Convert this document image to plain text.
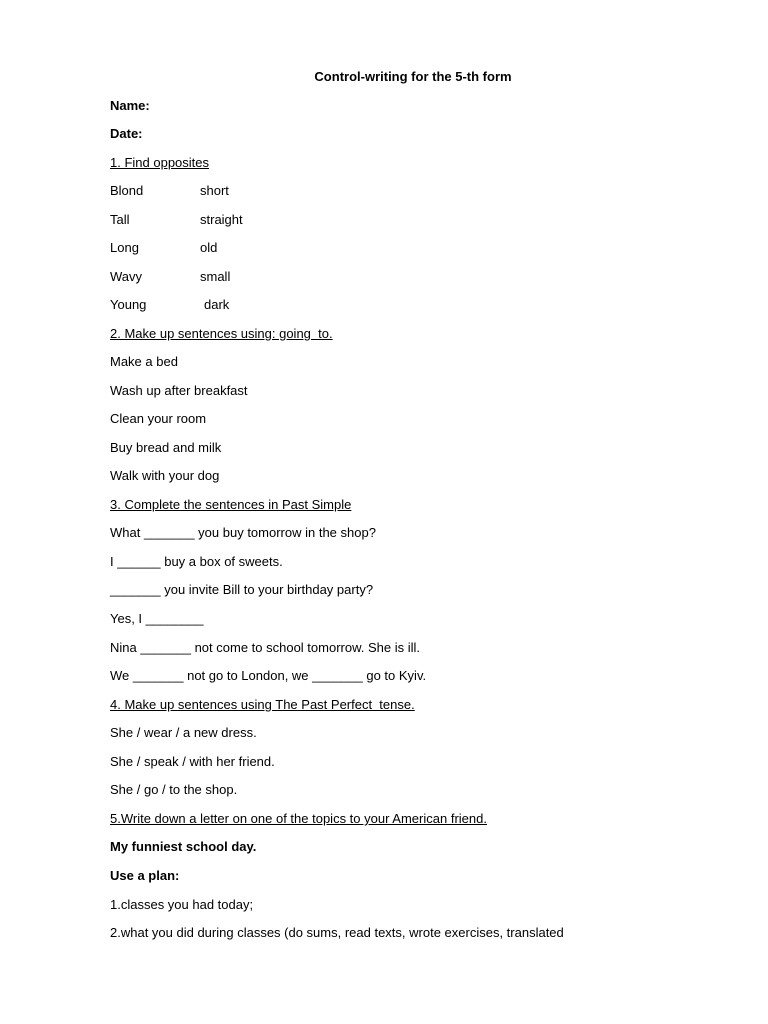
Control-writing for the 5-th form
Name:
Date:
1. Find opposites
Blond	short
Tall	straight
Long	old
Wavy	small
Young	dark
2. Make up sentences using: going  to.
Make a bed
Wash up after breakfast
Clean your room
Buy bread and milk
Walk with your dog
3. Complete the sentences in Past Simple
What _______ you buy tomorrow in the shop?
I ______ buy a box of sweets.
_______ you invite Bill to your birthday party?
Yes, I ________
Nina _______ not come to school tomorrow. She is ill.
We _______ not go to London, we _______ go to Kyiv.
4. Make up sentences using The Past Perfect  tense.
She / wear / a new dress.
She / speak / with her friend.
She / go / to the shop.
5.Write down a letter on one of the topics to your American friend.
My funniest school day.
Use a plan:
1.classes you had today;
2.what you did during classes (do sums, read texts, wrote exercises, translated
